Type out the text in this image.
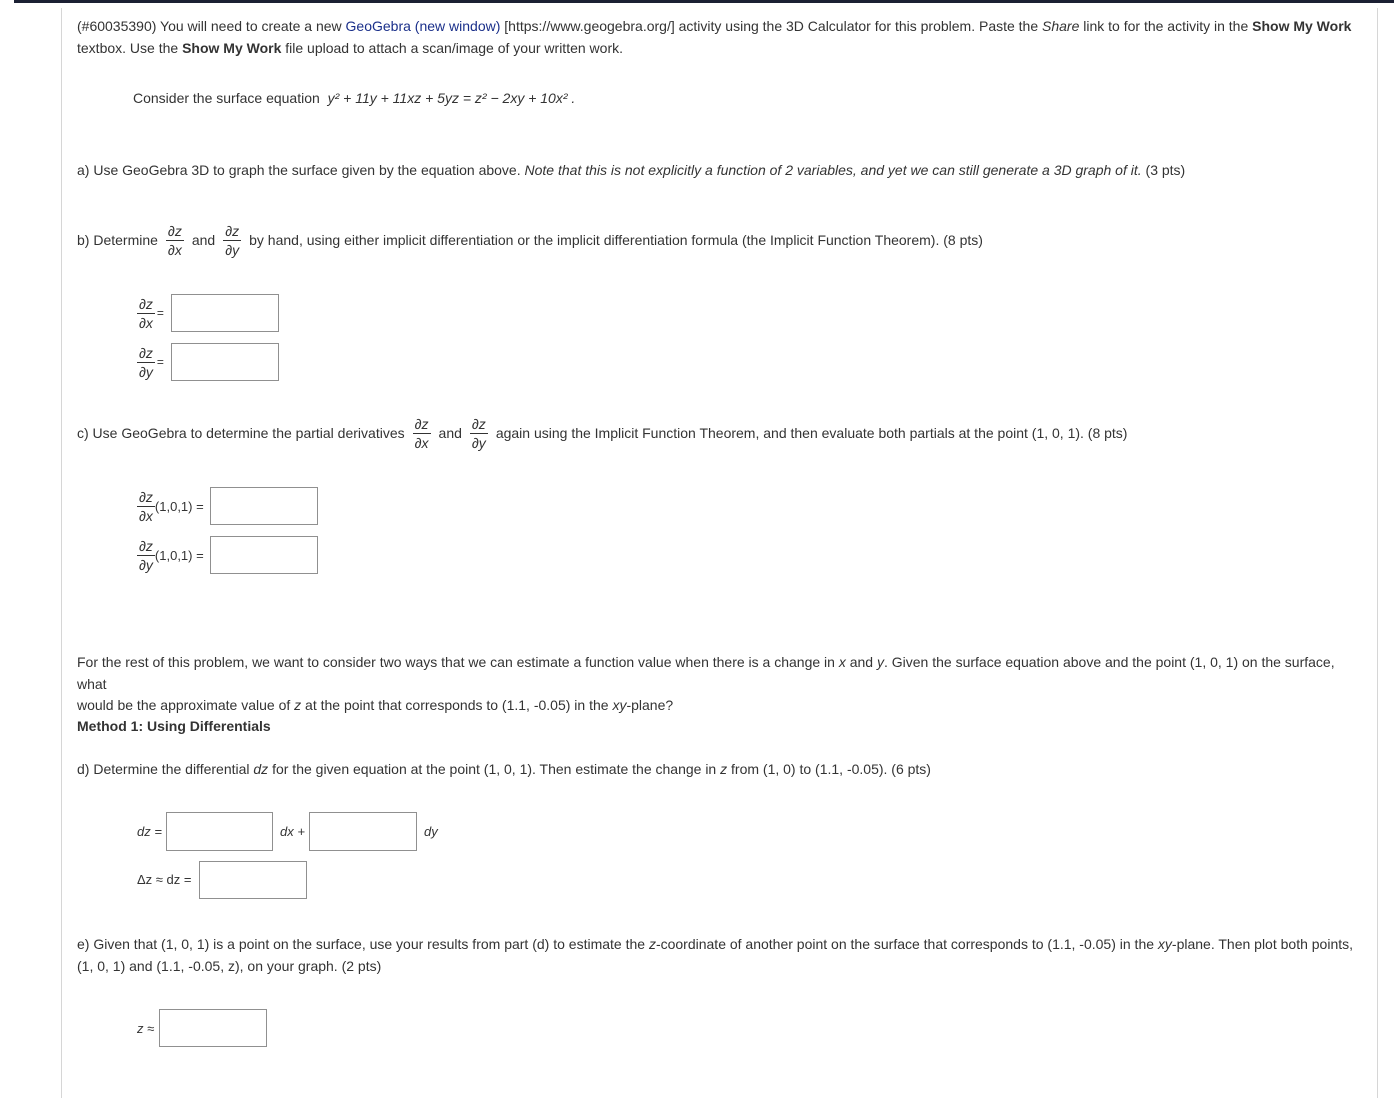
(#60035390) You will need to create a new GeoGebra (new window) [https://www.geogebra.org/] activity using the 3D Calculator for this problem. Paste the Share link to for the activity in the Show My Work
textbox. Use the Show My Work file upload to attach a scan/image of your written work.
Consider the surface equation y² + 11y + 11xz + 5yz = z² − 2xy + 10x² .
a) Use GeoGebra 3D to graph the surface given by the equation above. Note that this is not explicitly a function of 2 variables, and yet we can still generate a 3D graph of it. (3 pts)
b) Determine $\frac{\partial z}{\partial x}$ and $\frac{\partial z}{\partial y}$ by hand, using either implicit differentiation or the implicit differentiation formula (the Implicit Function Theorem). (8 pts)
$\frac{\partial z}{\partial x}$ =
$\frac{\partial z}{\partial y}$ =
c) Use GeoGebra to determine the partial derivatives $\frac{\partial z}{\partial x}$ and $\frac{\partial z}{\partial y}$ again using the Implicit Function Theorem, and then evaluate both partials at the point (1, 0, 1). (8 pts)
$\frac{\partial z}{\partial x} (1,0,1)$ =
$\frac{\partial z}{\partial y} (1,0,1)$ =
For the rest of this problem, we want to consider two ways that we can estimate a function value when there is a change in x and y. Given the surface equation above and the point (1, 0, 1) on the surface, what
would be the approximate value of z at the point that corresponds to (1.1, -0.05) in the xy-plane?
Method 1: Using Differentials
d) Determine the differential dz for the given equation at the point (1, 0, 1). Then estimate the change in z from (1, 0) to (1.1, -0.05). (6 pts)
dz =	dx +	dy
Δz ≈ dz =
e) Given that (1, 0, 1) is a point on the surface, use your results from part (d) to estimate the z-coordinate of another point on the surface that corresponds to (1.1, -0.05) in the xy-plane. Then plot both points,
(1, 0, 1) and (1.1, -0.05, z), on your graph. (2 pts)
z ≈
